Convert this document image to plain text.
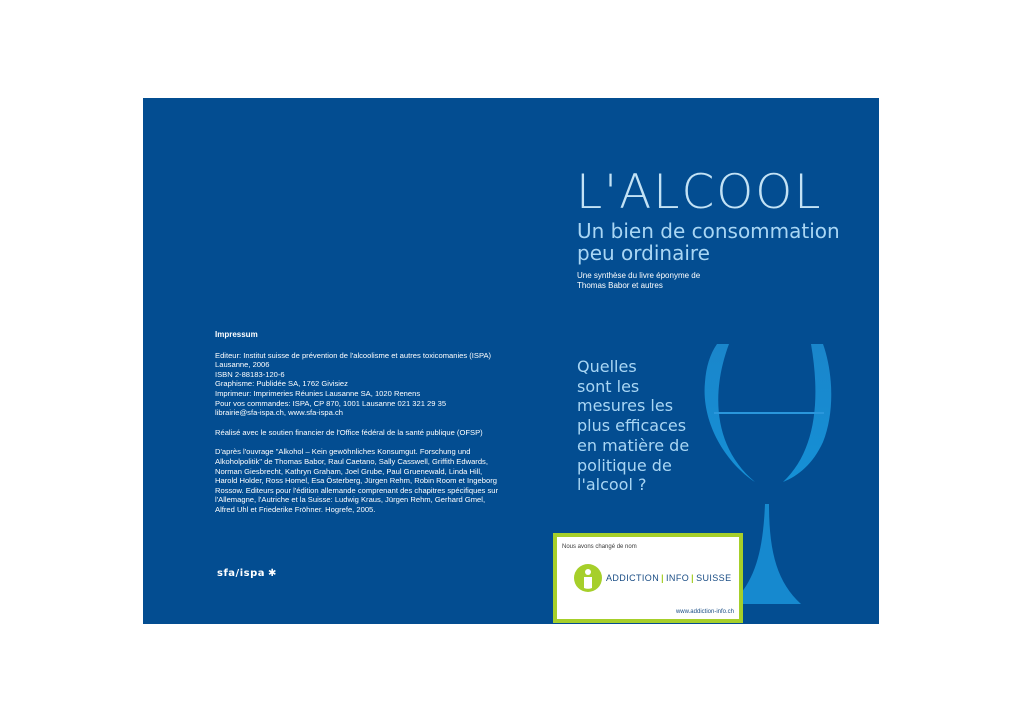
Impressum
Editeur: Institut suisse de prévention de l'alcoolisme et autres toxicomanies (ISPA)
Lausanne, 2006
ISBN 2-88183-120-6
Graphisme: Publidée SA, 1762 Givisiez
Imprimeur: Imprimeries Réunies Lausanne SA, 1020 Renens
Pour vos commandes: ISPA, CP 870, 1001 Lausanne 021 321 29 35
librairie@sfa-ispa.ch, www.sfa-ispa.ch
Réalisé avec le soutien financier de l'Office fédéral de la santé publique (OFSP)
D'après l'ouvrage "Alkohol – Kein gewöhnliches Konsumgut. Forschung und
Alkoholpolitik" de Thomas Babor, Raul Caetano, Sally Casswell, Griffith Edwards,
Norman Giesbrecht, Kathryn Graham, Joel Grube, Paul Gruenewald, Linda Hill,
Harold Holder, Ross Homel, Esa Österberg, Jürgen Rehm, Robin Room et Ingeborg
Rossow. Editeurs pour l'édition allemande comprenant des chapitres spécifiques sur
l'Allemagne, l'Autriche et la Suisse: Ludwig Kraus, Jürgen Rehm, Gerhard Gmel,
Alfred Uhl et Friederike Fröhner. Hogrefe, 2005.
sfa/ispa ✱
L'ALCOOL
Un bien de consommation
peu ordinaire
Une synthèse du livre éponyme de
Thomas Babor et autres
Quelles
sont les
mesures les
plus efficaces
en matière de
politique de
l'alcool ?
Nous avons changé de nom
ADDICTION | INFO | SUISSE
www.addiction-info.ch
